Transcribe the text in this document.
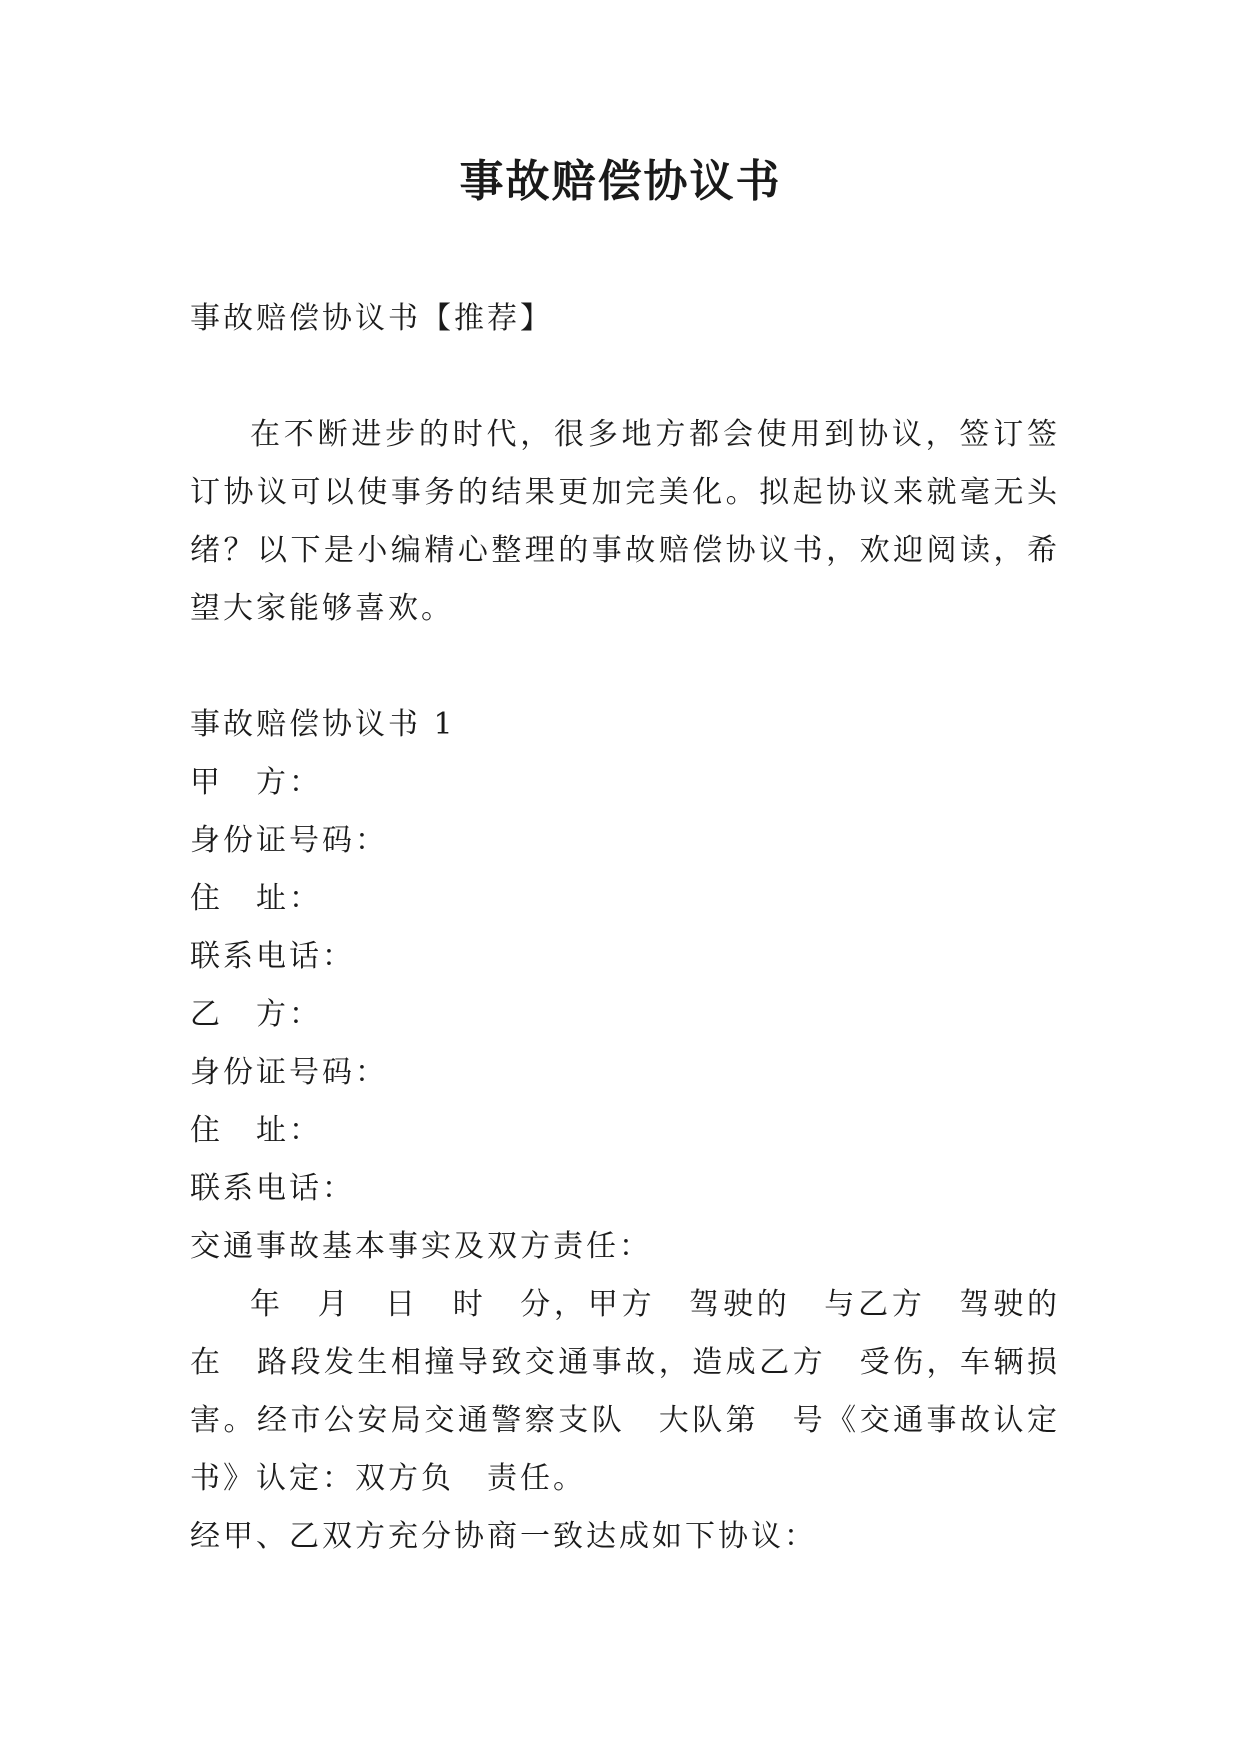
事故赔偿协议书

事故赔偿协议书【推荐】

在不断进步的时代，很多地方都会使用到协议，签订签订协议可以使事务的结果更加完美化。拟起协议来就毫无头绪？以下是小编精心整理的事故赔偿协议书，欢迎阅读，希望大家能够喜欢。

事故赔偿协议书 1

甲　方：

身份证号码：

住　址：

联系电话：

乙　方：

身份证号码：

住　址：

联系电话：

交通事故基本事实及双方责任：

年　月　日　时　分，甲方　驾驶的　与乙方　驾驶的　在　路段发生相撞导致交通事故，造成乙方　受伤，车辆损害。经市公安局交通警察支队　大队第　号《交通事故认定书》认定：双方负　责任。

经甲、乙双方充分协商一致达成如下协议：
